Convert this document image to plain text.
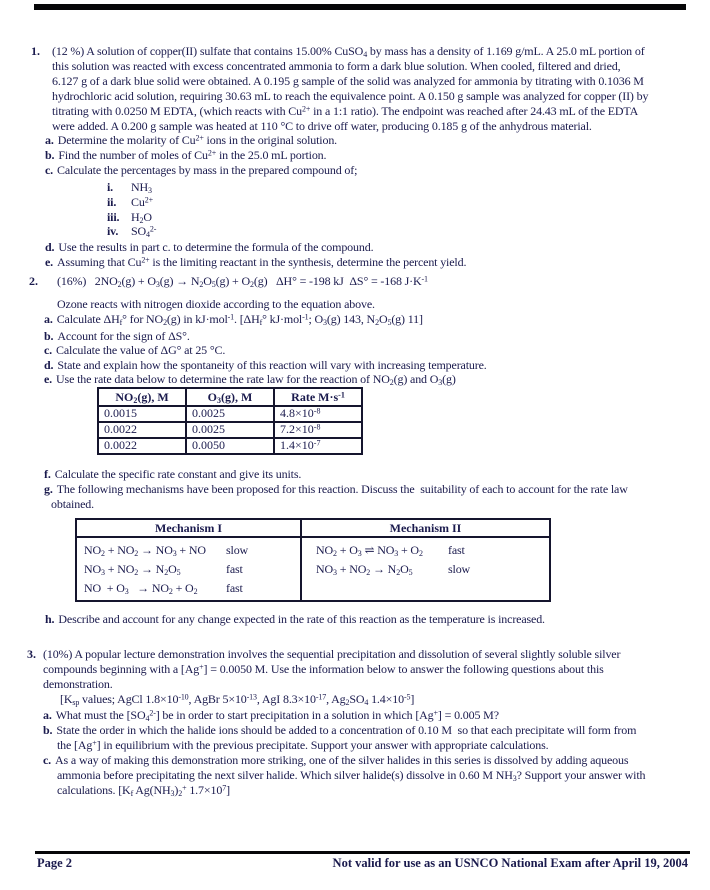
1. (12 %) A solution of copper(II) sulfate that contains 15.00% CuSO$_4$ by mass has a density of 1.169 g/mL. A 25.0 mL portion of
this solution was reacted with excess concentrated ammonia to form a dark blue solution. When cooled, filtered and dried,
6.127 g of a dark blue solid were obtained. A 0.195 g sample of the solid was analyzed for ammonia by titrating with 0.1036 M
hydrochloric acid solution, requiring 30.63 mL to reach the equivalence point. A 0.150 g sample was analyzed for copper (II) by
titrating with 0.0250 M EDTA, (which reacts with $Cu^{2+}$ in a 1:1 ratio). The endpoint was reached after 24.43 mL of the EDTA
were added. A 0.200 g sample was heated at 110 °C to drive off water, producing 0.185 g of the anhydrous material.
a. Determine the molarity of $Cu^{2+}$ ions in the original solution.
b. Find the number of moles of $Cu^{2+}$ in the 25.0 mL portion.
c. Calculate the percentages by mass in the prepared compound of;
i. $NH_3$
ii. $Cu^{2+}$
iii. $H_2O$
iv. $SO_4^{2-}$
d. Use the results in part c. to determine the formula of the compound.
e. Assuming that $Cu^{2+}$ is the limiting reactant in the synthesis, determine the percent yield.
2. (16%)   $2NO_2(g) + O_3(g) \to N_2O_5(g) + O_2(g) \Delta H^\circ = -198$ kJ  ΔS° = -168 $J\cdot K^{-1}$
Ozone reacts with nitrogen dioxide according to the equation above.
a. Calculate $\Delta H_f^\circ$ for $NO_2(g)$ in kJ·mol$^{-1}$. [$\Delta H_f^\circ$ kJ·mol$^{-1}$; $O_3(g)$ 143, $N_2O_5(g)$ 11]
b. Account for the sign of ΔS°.
c. Calculate the value of ΔG° at 25 °C.
d. State and explain how the spontaneity of this reaction will vary with increasing temperature.
e. Use the rate data below to determine the rate law for the reaction of $NO_2(g)$ and $O_3(g)$
$NO_2(g)$, M	$O_3(g)$, M	Rate $M\cdot s^{-1}$
0.0015	0.0025	$4.8\times 10^{-8}$
0.0022	0.0025	$7.2\times 10^{-8}$
0.0022	0.0050	$1.4\times 10^{-7}$
f. Calculate the specific rate constant and give its units.
g. The following mechanisms have been proposed for this reaction. Discuss the  suitability of each to account for the rate law
obtained.
Mechanism I	Mechanism II

$NO_2 + NO_2 \to NO_3$ + NO	slow
$NO_3 + NO_2 \to N_2O_5$	fast
NO  + $O_3 \to NO_2 + O_2$	fast

$NO_2 + O_3$ ⇌ $NO_3 + O_2$	fast
$NO_3 + NO_2 \to N_2O_5$	slow
h. Describe and account for any change expected in the rate of this reaction as the temperature is increased.
3. (10%) A popular lecture demonstration involves the sequential precipitation and dissolution of several slightly soluble silver
compounds beginning with a [Ag+] = 0.0050 M. Use the information below to answer the following questions about this
demonstration.
[$K_{sp}$ values; AgCl $1.8\times 10^{-10}$, AgBr $5\times 10^{-13}$, AgI $8.3\times 10^{-17}$, $Ag_2SO_4$ $1.4\times 10^{-5}$]
a. What must the $[SO_4^{2-}]$ be in order to start precipitation in a solution in which [Ag+] = 0.005 M?
b. State the order in which the halide ions should be added to a concentration of 0.10 M  so that each precipitate will form from
the [Ag+] in equilibrium with the previous precipitate. Support your answer with appropriate calculations.
c. As a way of making this demonstration more striking, one of the silver halides in this series is dissolved by adding aqueous
ammonia before precipitating the next silver halide. Which silver halide(s) dissolve in 0.60 M $NH_3$? Support your answer with
calculations. [$K_f$ $Ag(NH_3)_2^+$ $1.7\times 10^7$]
Page 2	Not valid for use as an USNCO National Exam after April 19, 2004
